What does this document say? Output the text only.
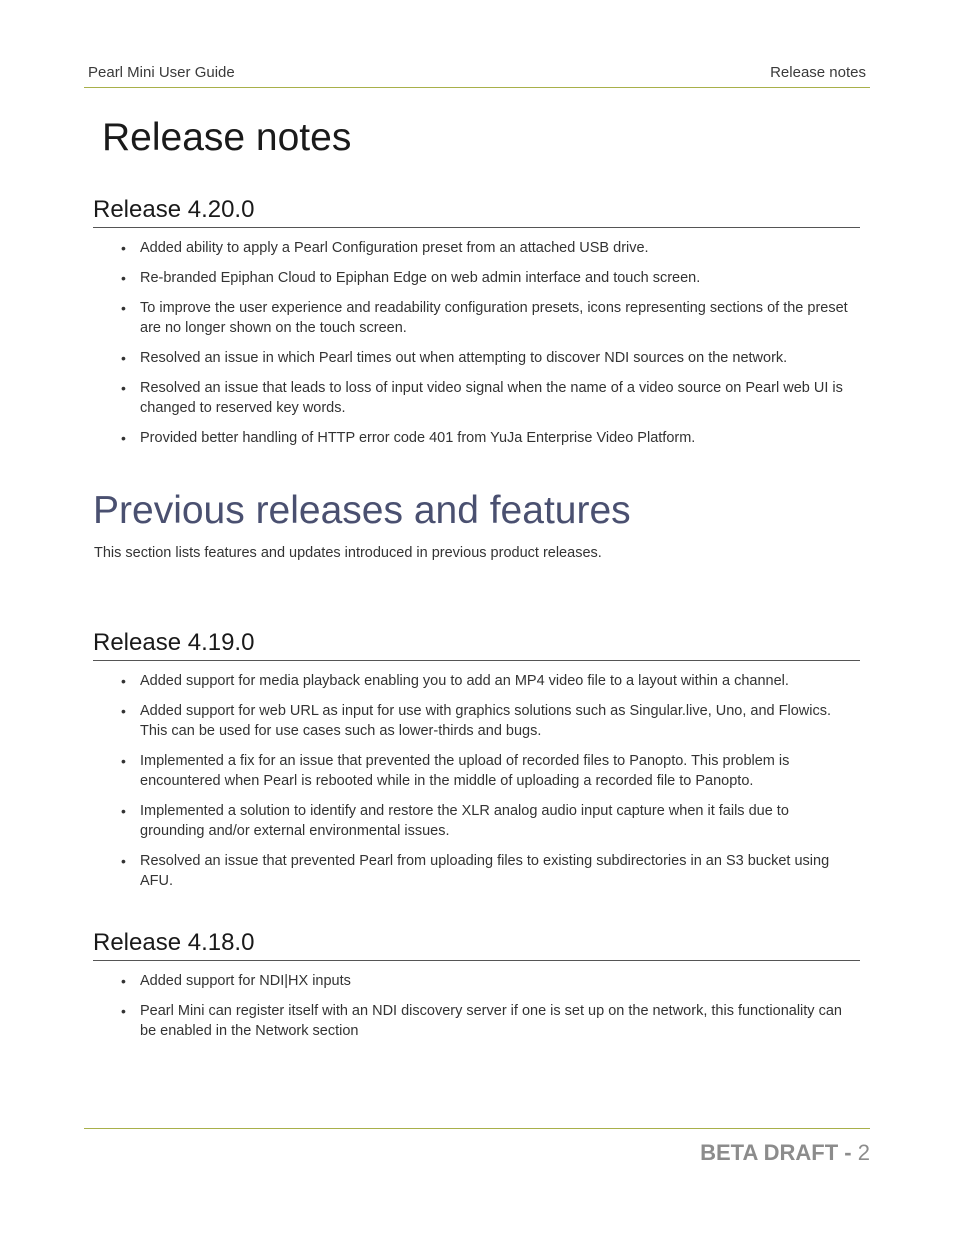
Pearl Mini User Guide	Release notes
Release notes
Release 4.20.0
• Added ability to apply a Pearl Configuration preset from an attached USB drive.
• Re-branded Epiphan Cloud to Epiphan Edge on web admin interface and touch screen.
• To improve the user experience and readability configuration presets, icons representing sections of the preset are no longer shown on the touch screen.
• Resolved an issue in which Pearl times out when attempting to discover NDI sources on the network.
• Resolved an issue that leads to loss of input video signal when the name of a video source on Pearl web UI is changed to reserved key words.
• Provided better handling of HTTP error code 401 from YuJa Enterprise Video Platform.
Previous releases and features

This section lists features and updates introduced in previous product releases.

Release 4.19.0
• Added support for media playback enabling you to add an MP4 video file to a layout within a channel.
• Added support for web URL as input for use with graphics solutions such as Singular.live, Uno, and Flowics. This can be used for use cases such as lower-thirds and bugs.
• Implemented a fix for an issue that prevented the upload of recorded files to Panopto. This problem is encountered when Pearl is rebooted while in the middle of uploading a recorded file to Panopto.
• Implemented a solution to identify and restore the XLR analog audio input capture when it fails due to grounding and/or external environmental issues.
• Resolved an issue that prevented Pearl from uploading files to existing subdirectories in an S3 bucket using AFU.
Release 4.18.0
• Added support for NDI|HX inputs
• Pearl Mini can register itself with an NDI discovery server if one is set up on the network, this functionality can be enabled in the Network section
BETA DRAFT - 2
